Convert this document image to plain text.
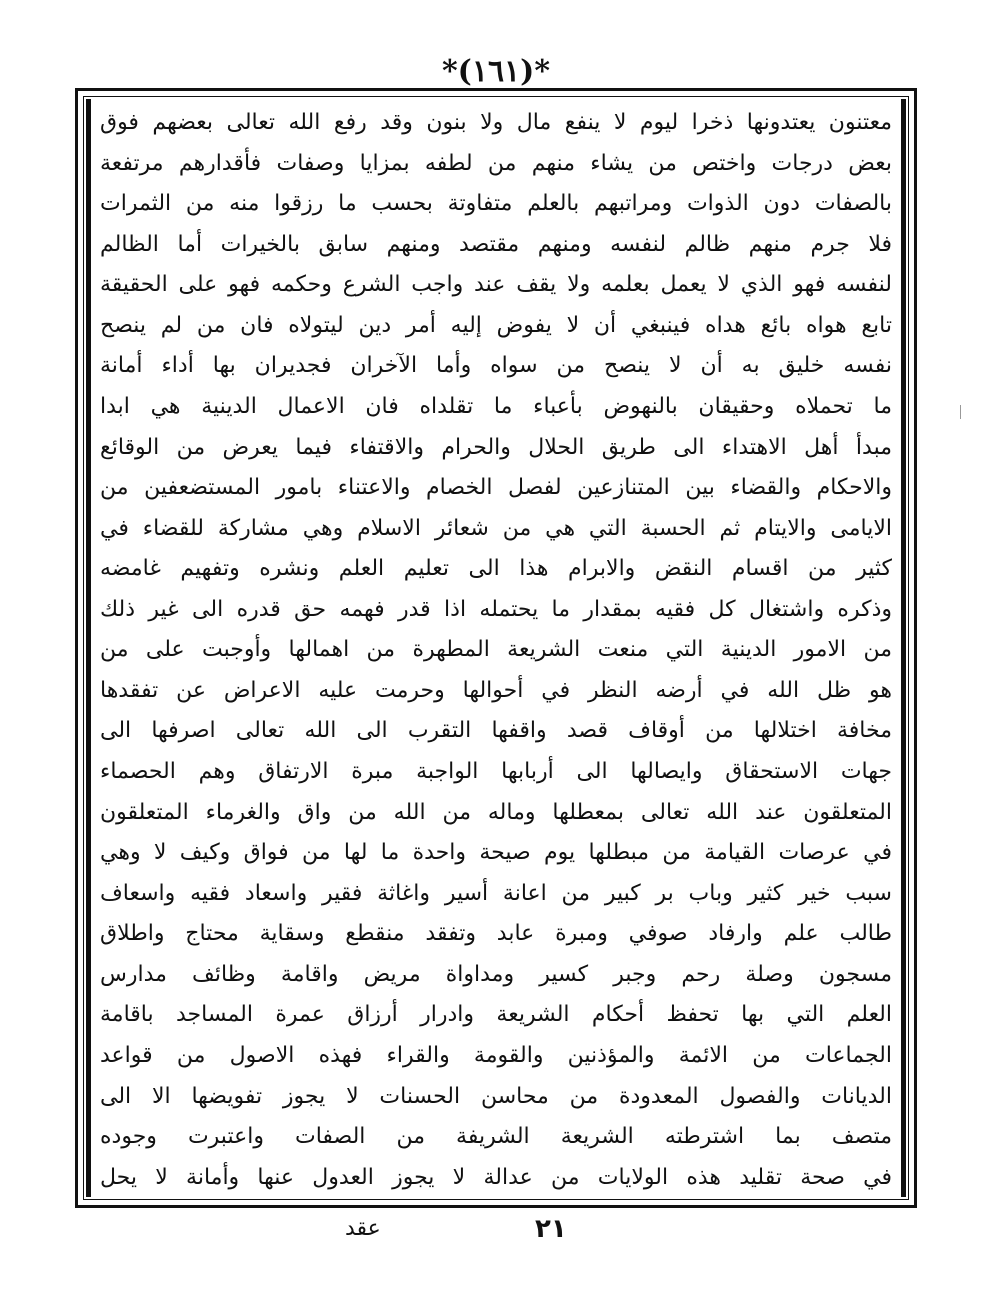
*(١٦١)*
معتنون يعتدونها ذخرا ليوم لا ينفع مال ولا بنون وقد رفع الله تعالى بعضهم فوق
بعض درجات واختص من يشاء منهم من لطفه بمزايا وصفات فأقدارهم مرتفعة
بالصفات دون الذوات ومراتبهم بالعلم متفاوتة بحسب ما رزقوا منه من الثمرات
فلا جرم منهم ظالم لنفسه ومنهم مقتصد ومنهم سابق بالخيرات أما الظالم
لنفسه فهو الذي لا يعمل بعلمه ولا يقف عند واجب الشرع وحكمه فهو على الحقيقة
تابع هواه بائع هداه فينبغي أن لا يفوض إليه أمر دين ليتولاه فان من لم ينصح
نفسه خليق به أن لا ينصح من سواه وأما الآخران فجديران بها أداء أمانة
ما تحملاه وحقيقان بالنهوض بأعباء ما تقلداه فان الاعمال الدينية هي ابدا
مبدأ أهل الاهتداء الى طريق الحلال والحرام والاقتفاء فيما يعرض من الوقائع
والاحكام والقضاء بين المتنازعين لفصل الخصام والاعتناء بامور المستضعفين من
الايامى والايتام ثم الحسبة التي هي من شعائر الاسلام وهي مشاركة للقضاء في
كثير من اقسام النقض والابرام هذا الى تعليم العلم ونشره وتفهيم غامضه
وذكره واشتغال كل فقيه بمقدار ما يحتمله اذا قدر فهمه حق قدره الى غير ذلك
من الامور الدينية التي منعت الشريعة المطهرة من اهمالها وأوجبت على من
هو ظل الله في أرضه النظر في أحوالها وحرمت عليه الاعراض عن تفقدها
مخافة اختلالها من أوقاف قصد واقفها التقرب الى الله تعالى اصرفها الى
جهات الاستحقاق وايصالها الى أربابها الواجبة مبرة الارتفاق وهم الحصماء
المتعلقون عند الله تعالى بمعطلها وماله من الله من واق والغرماء المتعلقون
في عرصات القيامة من مبطلها يوم صيحة واحدة ما لها من فواق وكيف لا وهي
سبب خير كثير وباب بر كبير من اعانة أسير واغاثة فقير واسعاد فقيه واسعاف
طالب علم وارفاد صوفي ومبرة عابد وتفقد منقطع وسقاية محتاج واطلاق
مسجون وصلة رحم وجبر كسير ومداواة مريض واقامة وظائف مدارس
العلم التي بها تحفظ أحكام الشريعة وادرار أرزاق عمرة المساجد باقامة
الجماعات من الائمة والمؤذنين والقومة والقراء فهذه الاصول من قواعد
الديانات والفصول المعدودة من محاسن الحسنات لا يجوز تفويضها الا الى
متصف بما اشترطته الشريعة الشريفة من الصفات واعتبرت وجوده
في صحة تقليد هذه الولايات من عدالة لا يجوز العدول عنها وأمانة لا يحل
عقد	٢١
